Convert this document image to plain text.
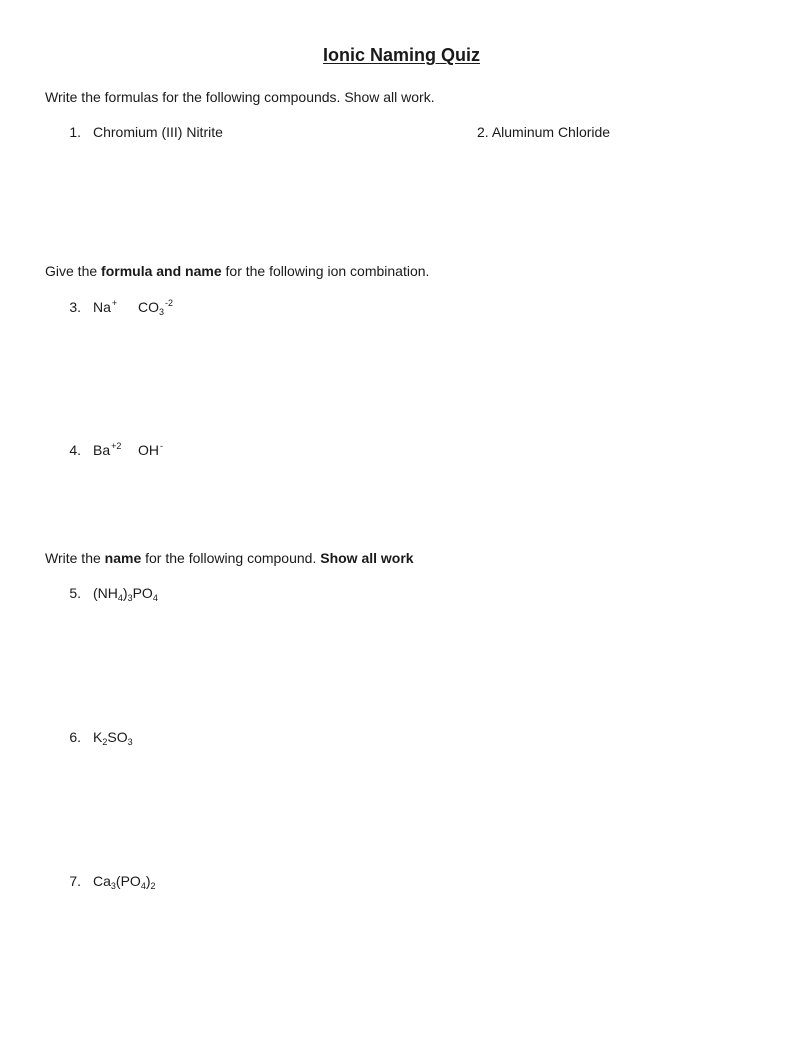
Ionic Naming Quiz
Write the formulas for the following compounds. Show all work.
1. Chromium (III) Nitrite	2. Aluminum Chloride
Give the formula and name for the following ion combination.
3. Na+ $CO_3^{-2}$
4. $Ba^{+2}$ OH-
Write the name for the following compound. Show all work
5. $(NH_4)_3PO_4$
6. $K_2SO_3$
7. $Ca_3(PO_4)_2$
